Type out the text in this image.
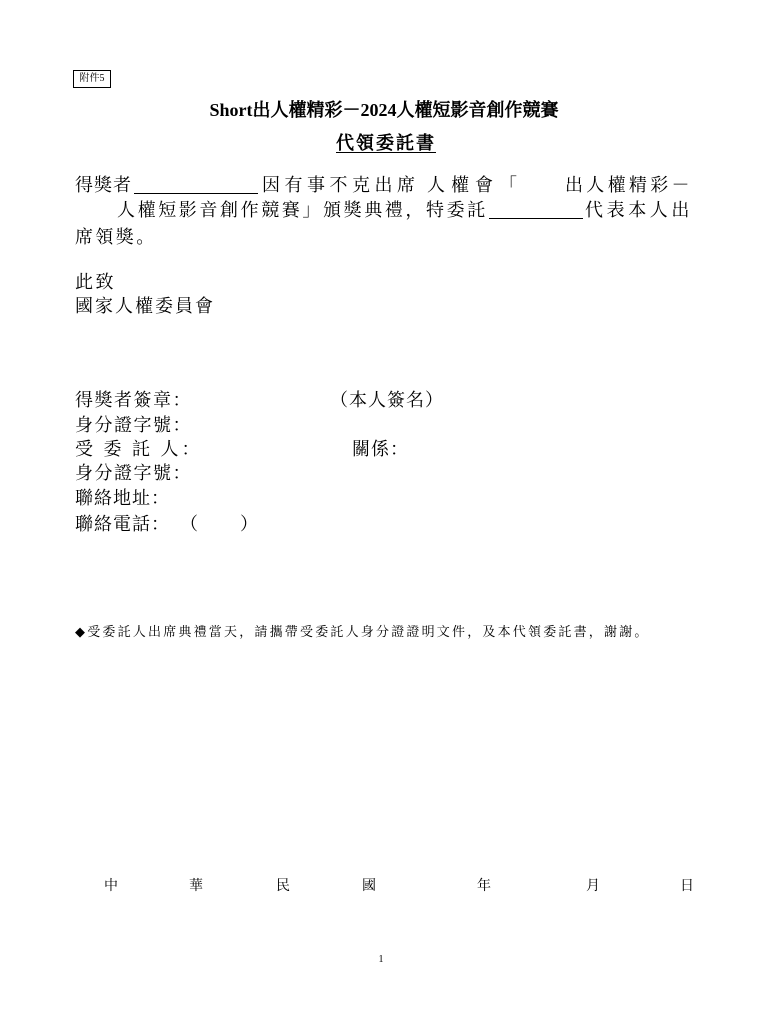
附件5
Short出人權精彩－2024人權短影音創作競賽
代領委託書
得獎者	因有事不克出席 人權會「 出人權精彩－
人權短影音創作競賽」頒獎典禮，特委託	代表本人出
席領獎。
此致
國家人權委員會
得獎者簽章：	（本人簽名）
身分證字號：
受 委 託 人：	關係：
身分證字號：
聯絡地址：
聯絡電話： （ ）
◆受委託人出席典禮當天，請攜帶受委託人身分證證明文件，及本代領委託書，謝謝。
中	華	民	國	年	月	日
1
